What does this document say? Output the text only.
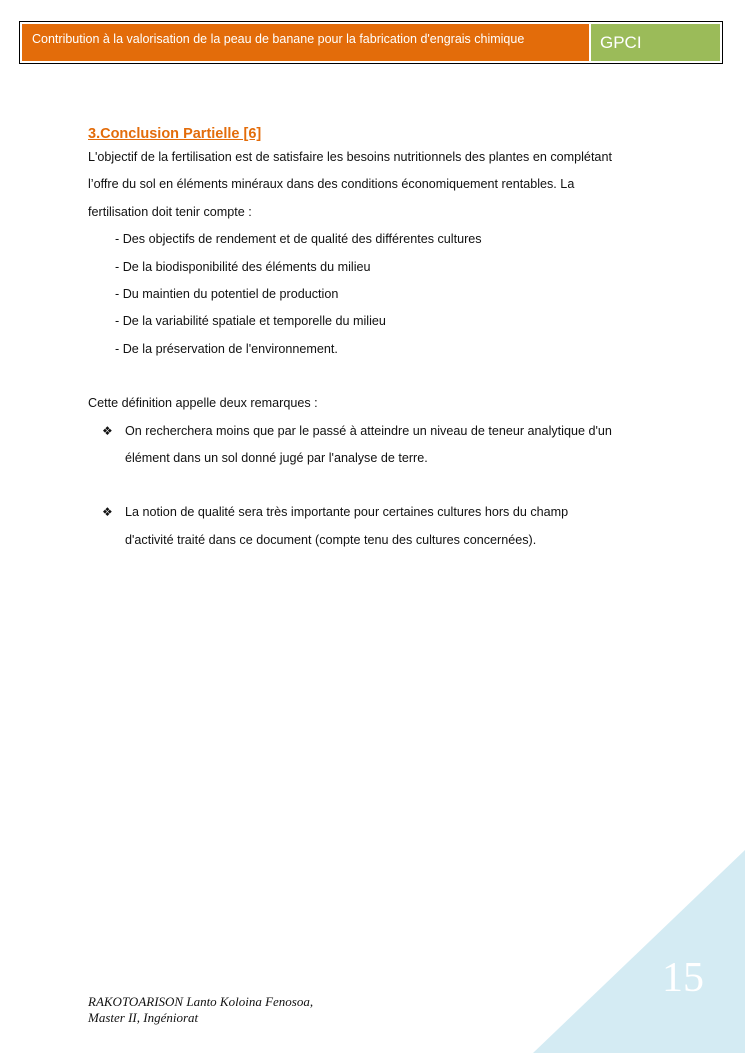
Contribution à la valorisation de la peau de banane pour la fabrication d'engrais chimique	GPCI
3.Conclusion Partielle [6]

L'objectif de la fertilisation est de satisfaire les besoins nutritionnels des plantes en complétant

l’offre du sol en éléments minéraux dans des conditions économiquement rentables. La

fertilisation doit tenir compte :

- Des objectifs de rendement et de qualité des différentes cultures
- De la biodisponibilité des éléments du milieu
- Du maintien du potentiel de production
- De la variabilité spatiale et temporelle du milieu
- De la préservation de l'environnement.

Cette définition appelle deux remarques :

❖ On recherchera moins que par le passé à atteindre un niveau de teneur analytique d'un
élément dans un sol donné jugé par l'analyse de terre.
❖ La notion de qualité sera très importante pour certaines cultures hors du champ
d'activité traité dans ce document (compte tenu des cultures concernées).
15
RAKOTOARISON Lanto Koloina Fenosoa,
Master II, Ingéniorat
